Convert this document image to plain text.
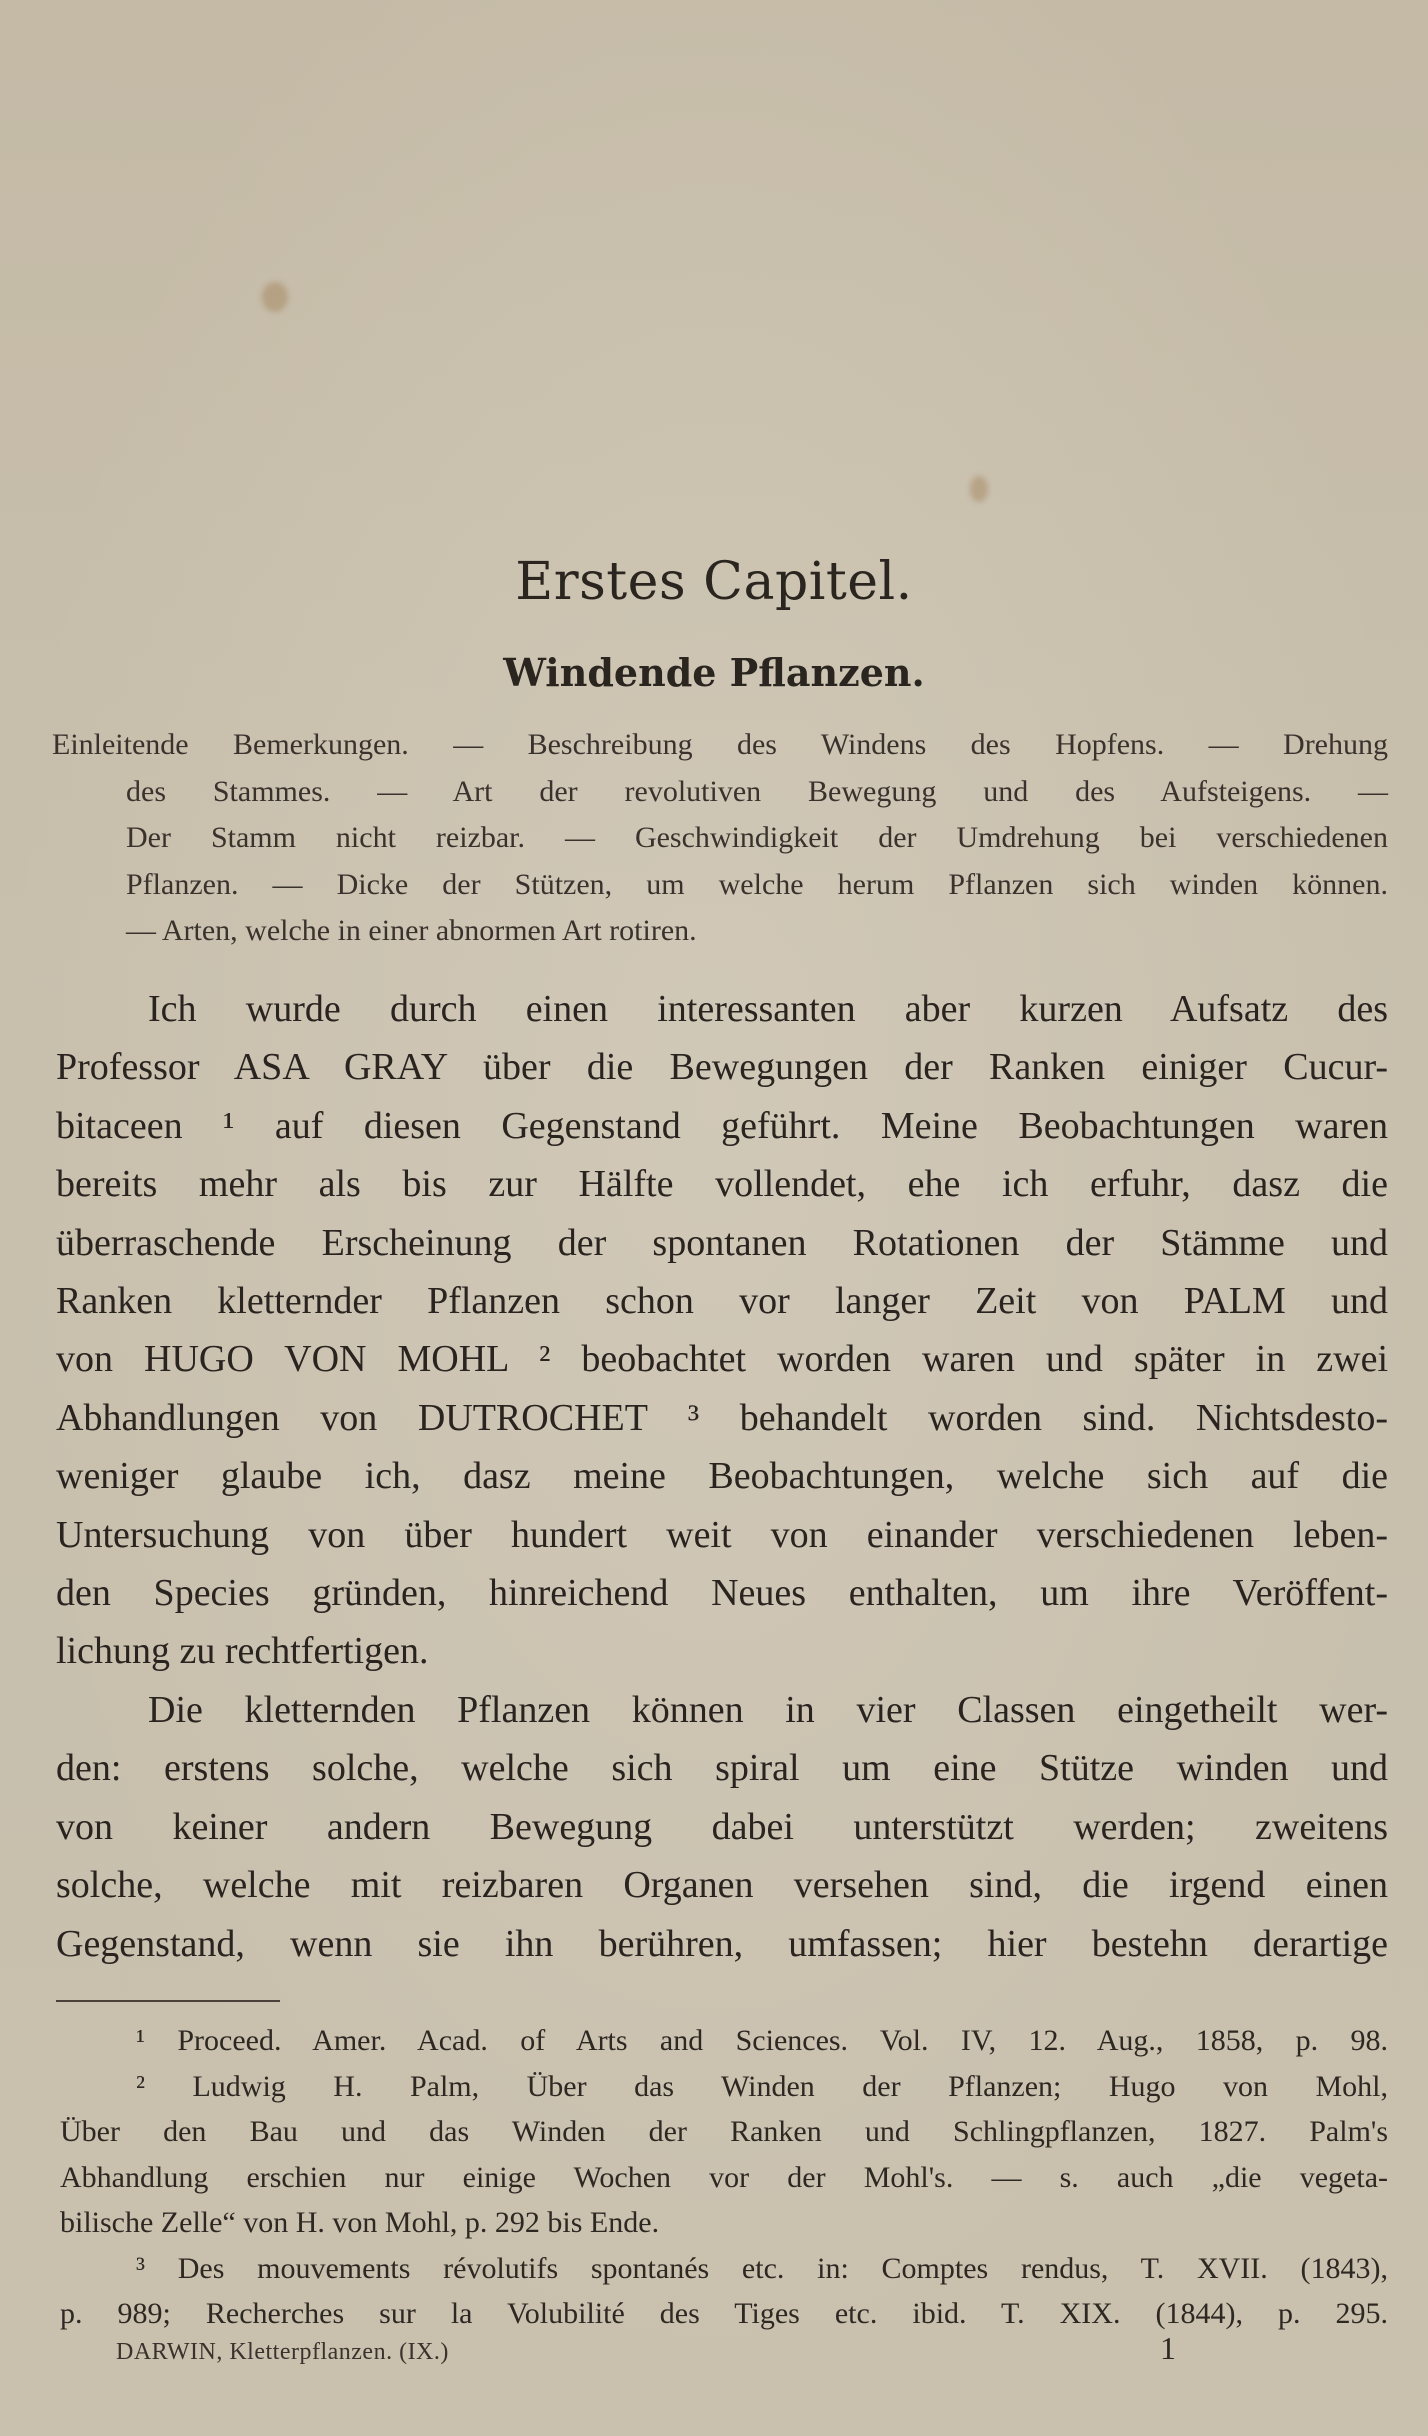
Erstes Capitel.
Windende Pflanzen.
Einleitende Bemerkungen. — Beschreibung des Windens des Hopfens. — Drehung
des Stammes. — Art der revolutiven Bewegung und des Aufsteigens. —
Der Stamm nicht reizbar. — Geschwindigkeit der Umdrehung bei verschiedenen
Pflanzen. — Dicke der Stützen, um welche herum Pflanzen sich winden können.
— Arten, welche in einer abnormen Art rotiren.
Ich wurde durch einen interessanten aber kurzen Aufsatz des
Professor ASA GRAY über die Bewegungen der Ranken einiger Cucur-
bitaceen ¹ auf diesen Gegenstand geführt. Meine Beobachtungen waren
bereits mehr als bis zur Hälfte vollendet, ehe ich erfuhr, dasz die
überraschende Erscheinung der spontanen Rotationen der Stämme und
Ranken kletternder Pflanzen schon vor langer Zeit von PALM und
von HUGO VON MOHL ² beobachtet worden waren und später in zwei
Abhandlungen von DUTROCHET ³ behandelt worden sind. Nichtsdesto-
weniger glaube ich, dasz meine Beobachtungen, welche sich auf die
Untersuchung von über hundert weit von einander verschiedenen leben-
den Species gründen, hinreichend Neues enthalten, um ihre Veröffent-
lichung zu rechtfertigen.
Die kletternden Pflanzen können in vier Classen eingetheilt wer-
den: erstens solche, welche sich spiral um eine Stütze winden und
von keiner andern Bewegung dabei unterstützt werden; zweitens
solche, welche mit reizbaren Organen versehen sind, die irgend einen
Gegenstand, wenn sie ihn berühren, umfassen; hier bestehn derartige
¹ Proceed. Amer. Acad. of Arts and Sciences. Vol. IV, 12. Aug., 1858, p. 98.
² Ludwig H. Palm, Über das Winden der Pflanzen; Hugo von Mohl,
Über den Bau und das Winden der Ranken und Schlingpflanzen, 1827. Palm's
Abhandlung erschien nur einige Wochen vor der Mohl's. — s. auch „die vegeta-
bilische Zelle“ von H. von Mohl, p. 292 bis Ende.
³ Des mouvements révolutifs spontanés etc. in: Comptes rendus, T. XVII. (1843),
p. 989; Recherches sur la Volubilité des Tiges etc. ibid. T. XIX. (1844), p. 295.
DARWIN, Kletterpflanzen. (IX.)	1
